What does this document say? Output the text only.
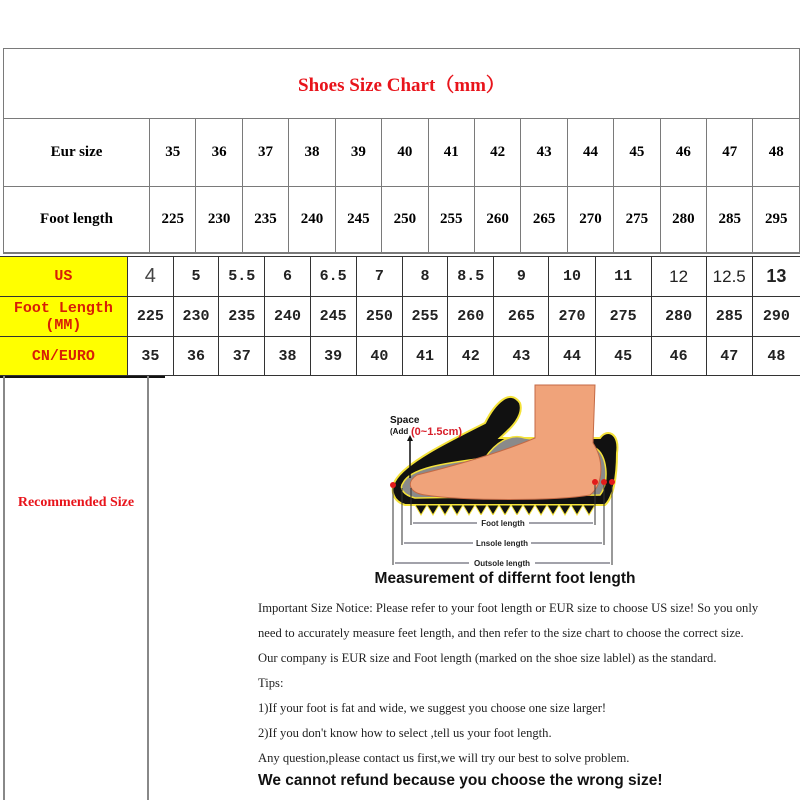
Shoes Size Chart（mm）
Eur size	35	36	37	38	39	40	41	42	43	44	45	46	47	48
Foot length	225	230	235	240	245	250	255	260	265	270	275	280	285	295
US	4	5	5.5	6	6.5	7	8	8.5	9	10	11	12	12.5	13
Foot Length (MM)	225	230	235	240	245	250	255	260	265	270	275	280	285	290
CN/EURO	35	36	37	38	39	40	41	42	43	44	45	46	47	48
Recommended Size
Space
(Add (0~1.5cm)
Foot length
Lnsole length
Outsole length
Measurement of differnt foot length
Important Size Notice: Please refer to your foot length or EUR size to choose US size! So you only
need to accurately measure feet length, and then refer to the size chart to choose the correct size.
Our company is EUR size and Foot length (marked on the shoe size lablel) as the standard.
Tips:
1)If your foot is fat and wide, we suggest you choose one size larger!
2)If you don't know how to select ,tell us your foot length.
Any question,please contact us first,we will try our best to solve problem.
We cannot refund because you choose the wrong size!
